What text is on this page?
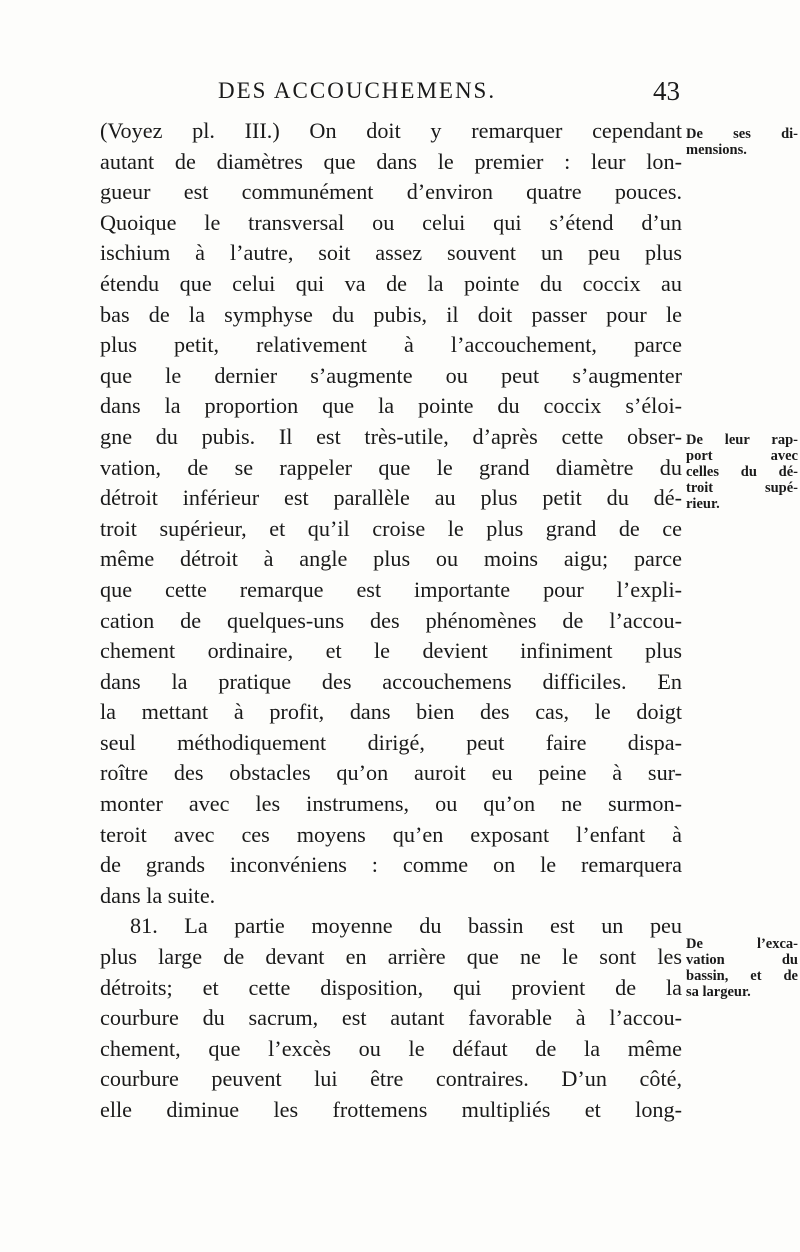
DES ACCOUCHEMENS.	43
(Voyez pl. III.) On doit y remarquer cependant
autant de diamètres que dans le premier : leur lon-
gueur est communément d’environ quatre pouces.
Quoique le transversal ou celui qui s’étend d’un
ischium à l’autre, soit assez souvent un peu plus
étendu que celui qui va de la pointe du coccix au
bas de la symphyse du pubis, il doit passer pour le
plus petit, relativement à l’accouchement, parce
que le dernier s’augmente ou peut s’augmenter
dans la proportion que la pointe du coccix s’éloi-
gne du pubis. Il est très-utile, d’après cette obser-
vation, de se rappeler que le grand diamètre du
détroit inférieur est parallèle au plus petit du dé-
troit supérieur, et qu’il croise le plus grand de ce
même détroit à angle plus ou moins aigu; parce
que cette remarque est importante pour l’expli-
cation de quelques-uns des phénomènes de l’accou-
chement ordinaire, et le devient infiniment plus
dans la pratique des accouchemens difficiles. En
la mettant à profit, dans bien des cas, le doigt
seul méthodiquement dirigé, peut faire dispa-
roître des obstacles qu’on auroit eu peine à sur-
monter avec les instrumens, ou qu’on ne surmon-
teroit avec ces moyens qu’en exposant l’enfant à
de grands inconvéniens : comme on le remarquera
dans la suite.
81. La partie moyenne du bassin est un peu
plus large de devant en arrière que ne le sont les
détroits; et cette disposition, qui provient de la
courbure du sacrum, est autant favorable à l’accou-
chement, que l’excès ou le défaut de la même
courbure peuvent lui être contraires. D’un côté,
elle diminue les frottemens multipliés et long-
De ses di-
mensions.
De leur rap-
port avec
celles du dé-
troit supé-
rieur.
De l’exca-
vation du
bassin, et de
sa largeur.
